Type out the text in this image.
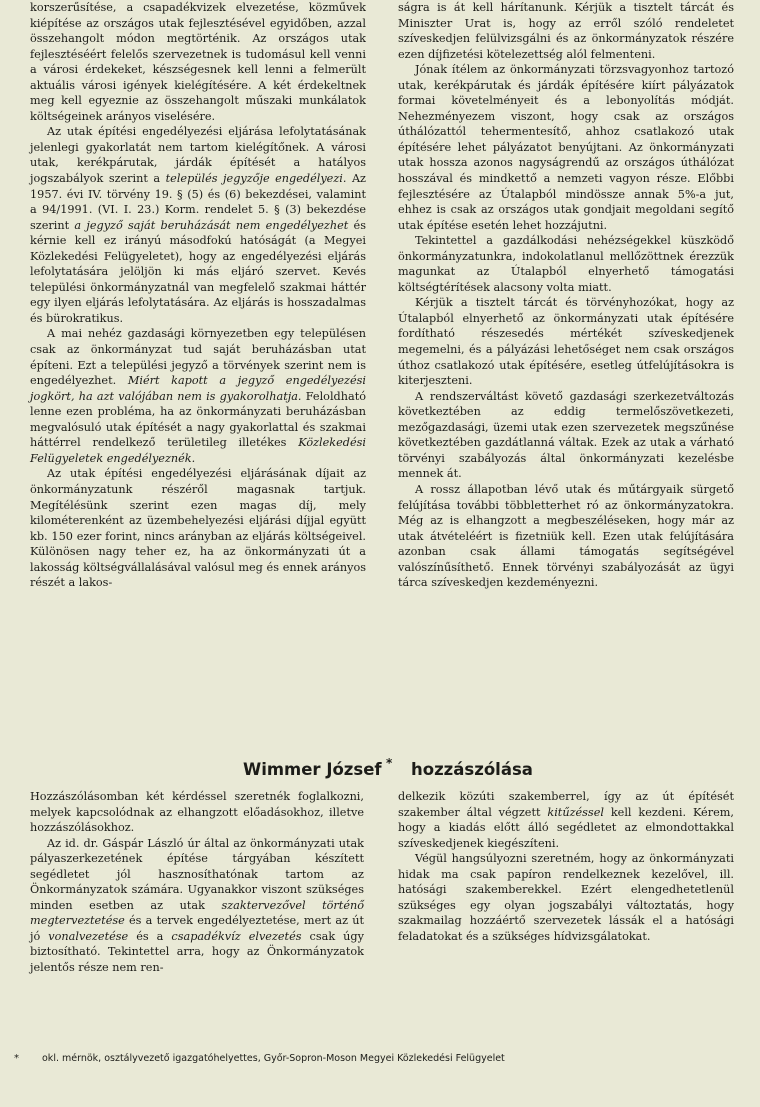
korszerűsítése, a csapadékvizek elvezetése, közművek kiépítése az országos utak fejlesztésével egyidőben, azzal összehangolt módon megtörténik. Az országos utak fejlesztéséért felelős szervezetnek is tudomásul kell venni a városi érdekeket, készségesnek kell lenni a felmerült aktuális városi igények kielégítésére. A két érdekeltnek meg kell egyeznie az összehangolt műszaki munkálatok költségeinek arányos viselésére.

Az utak építési engedélyezési eljárása lefolytatásának jelenlegi gyakorlatát nem tartom kielégítőnek. A városi utak, kerékpárutak, járdák építését a hatályos jogszabályok szerint a település jegyzője engedélyezi. Az 1957. évi IV. törvény 19. § (5) és (6) bekezdései, valamint a 94/1991. (VI. I. 23.) Korm. rendelet 5. § (3) bekezdése szerint a jegyző saját beruházását nem engedélyezhet és kérnie kell ez irányú másodfokú hatóságát (a Megyei Közlekedési Felügyeletet), hogy az engedélyezési eljárás lefolytatására jelöljön ki más eljáró szervet. Kevés települési önkormányzatnál van megfelelő szakmai háttér egy ilyen eljárás lefolytatására. Az eljárás is hosszadalmas és bürokratikus.

A mai nehéz gazdasági környezetben egy településen csak az önkormányzat tud saját beruházásban utat építeni. Ezt a települési jegyző a törvények szerint nem is engedélyezhet. Miért kapott a jegyző engedélyezési jogkört, ha azt valójában nem is gyakorolhatja. Feloldható lenne ezen probléma, ha az önkormányzati beruházásban megvalósuló utak építését a nagy gyakorlattal és szakmai háttérrel rendelkező területileg illetékes Közlekedési Felügyeletek engedélyeznék.

Az utak építési engedélyezési eljárásának díjait az önkormányzatunk részéről magasnak tartjuk. Megítélésünk szerint ezen magas díj, mely kilométerenként az üzembehelyezési eljárási díjjal együtt kb. 150 ezer forint, nincs arányban az eljárás költségeivel. Különösen nagy teher ez, ha az önkormányzati út a lakosság költségvállalásával valósul meg és ennek arányos részét a lakos-

ságra is át kell hárítanunk. Kérjük a tisztelt tárcát és Miniszter Urat is, hogy az erről szóló rendeletet szíveskedjen felülvizsgálni és az önkormányzatok részére ezen díjfizetési kötelezettség alól felmenteni.

Jónak ítélem az önkormányzati törzsvagyonhoz tartozó utak, kerékpárutak és járdák építésére kiírt pályázatok formai követelményeit és a lebonyolítás módját. Nehezményezem viszont, hogy csak az országos úthálózattól tehermentesítő, ahhoz csatlakozó utak építésére lehet pályázatot benyújtani. Az önkormányzati utak hossza azonos nagyságrendű az országos úthálózat hosszával és mindkettő a nemzeti vagyon része. Előbbi fejlesztésére az Útalapból mindössze annak 5%-a jut, ehhez is csak az országos utak gondjait megoldani segítő utak építése esetén lehet hozzájutni.

Tekintettel a gazdálkodási nehézségekkel küszködő önkormányzatunkra, indokolatlanul mellőzöttnek érezzük magunkat az Útalapból elnyerhető támogatási költségtérítések alacsony volta miatt.

Kérjük a tisztelt tárcát és törvényhozókat, hogy az Útalapból elnyerhető az önkormányzati utak építésére fordítható részesedés mértékét szíveskedjenek megemelni, és a pályázási lehetőséget nem csak országos úthoz csatlakozó utak építésére, esetleg útfelújításokra is kiterjeszteni.

A rendszerváltást követő gazdasági szerkezetváltozás következtében az eddig termelőszövetkezeti, mezőgazdasági, üzemi utak ezen szervezetek megszűnése következtében gazdátlanná váltak. Ezek az utak a várható törvényi szabályozás által önkormányzati kezelésbe mennek át.

A rossz állapotban lévő utak és műtárgyaik sürgető felújítása további többletterhet ró az önkormányzatokra. Még az is elhangzott a megbeszéléseken, hogy már az utak átvételéért is fizetniük kell. Ezen utak felújítására azonban csak állami támogatás segítségével valószínűsíthető. Ennek törvényi szabályozását az ügyi tárca szíveskedjen kezdeményezni.

Wimmer József * hozzászólása

Hozzászólásomban két kérdéssel szeretnék foglalkozni, melyek kapcsolódnak az elhangzott előadásokhoz, illetve hozzászólásokhoz.

Az id. dr. Gáspár László úr által az önkormányzati utak pályaszerkezetének építése tárgyában készített segédletet jól hasznosíthatónak tartom az Önkormányzatok számára. Ugyanakkor viszont szükséges minden esetben az utak szaktervezővel történő megterveztetése és a tervek engedélyeztetése, mert az út jó vonalvezetése és a csapadékvíz elvezetés csak úgy biztosítható. Tekintettel arra, hogy az Önkormányzatok jelentős része nem ren-

delkezik közúti szakemberrel, így az út építését szakember által végzett kitűzéssel kell kezdeni. Kérem, hogy a kiadás előtt álló segédletet az elmondottakkal szíveskedjenek kiegészíteni.

Végül hangsúlyozni szeretném, hogy az önkormányzati hidak ma csak papíron rendelkeznek kezelővel, ill. hatósági szakemberekkel. Ezért elengedhetetlenül szükséges egy olyan jogszabályi változtatás, hogy szakmailag hozzáértő szervezetek lássák el a hatósági feladatokat és a szükséges hídvizsgálatokat.

* okl. mérnök, osztályvezető igazgatóhelyettes, Győr-Sopron-Moson Megyei Közlekedési Felügyelet
